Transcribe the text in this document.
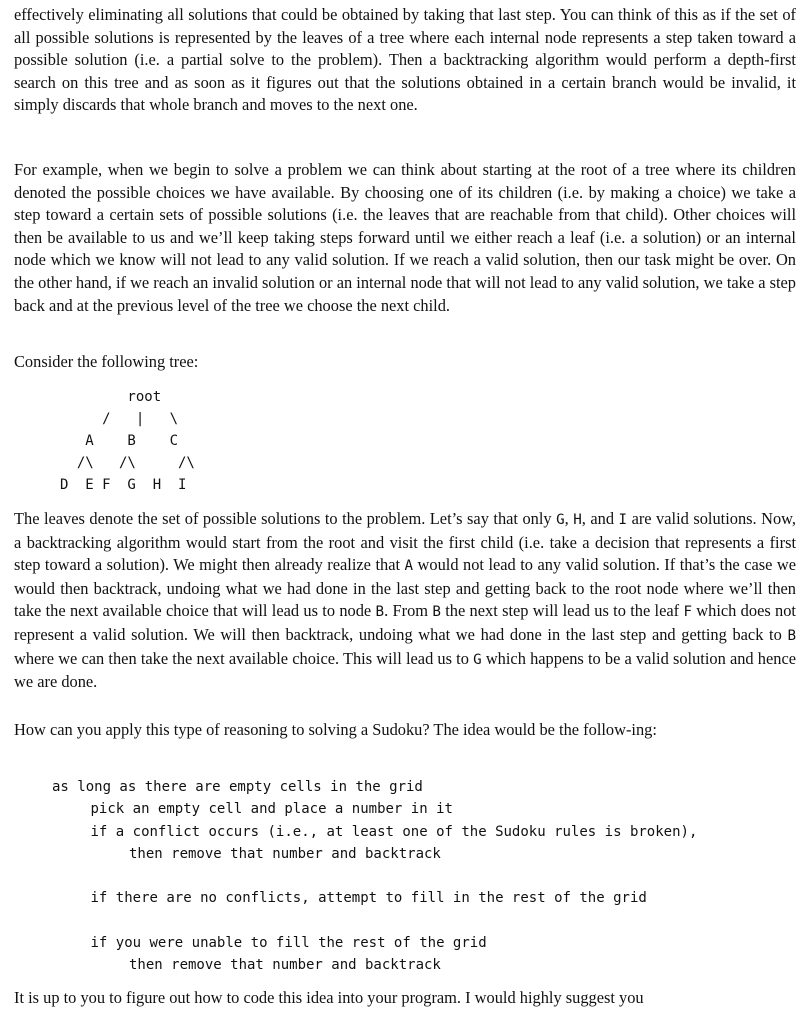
effectively eliminating all solutions that could be obtained by taking that last step. You can think of this as if the set of all possible solutions is represented by the leaves of a tree where each internal node represents a step taken toward a possible solution (i.e. a partial solve to the problem). Then a backtracking algorithm would perform a depth-first search on this tree and as soon as it figures out that the solutions obtained in a certain branch would be invalid, it simply discards that whole branch and moves to the next one.

For example, when we begin to solve a problem we can think about starting at the root of a tree where its children denoted the possible choices we have available. By choosing one of its children (i.e. by making a choice) we take a step toward a certain sets of possible solutions (i.e. the leaves that are reachable from that child). Other choices will then be available to us and we’ll keep taking steps forward until we either reach a leaf (i.e. a solution) or an internal node which we know will not lead to any valid solution. If we reach a valid solution, then our task might be over. On the other hand, if we reach an invalid solution or an internal node that will not lead to any valid solution, we take a step back and at the previous level of the tree we choose the next child.

Consider the following tree:

root
/   |   \
A    B    C
/\   /\     /\
D  E F  G  H  I

The leaves denote the set of possible solutions to the problem. Let’s say that only G, H, and I are valid solutions. Now, a backtracking algorithm would start from the root and visit the first child (i.e. take a decision that represents a first step toward a solution). We might then already realize that A would not lead to any valid solution. If that’s the case we would then backtrack, undoing what we had done in the last step and getting back to the root node where we’ll then take the next available choice that will lead us to node B. From B the next step will lead us to the leaf F which does not represent a valid solution. We will then backtrack, undoing what we had done in the last step and getting back to B where we can then take the next available choice. This will lead us to G which happens to be a valid solution and hence we are done.

How can you apply this type of reasoning to solving a Sudoku? The idea would be the follow-ing:

as long as there are empty cells in the grid
pick an empty cell and place a number in it
if a conflict occurs (i.e., at least one of the Sudoku rules is broken),
then remove that number and backtrack
if there are no conflicts, attempt to fill in the rest of the grid
if you were unable to fill the rest of the grid
then remove that number and backtrack

It is up to you to figure out how to code this idea into your program. I would highly suggest you
